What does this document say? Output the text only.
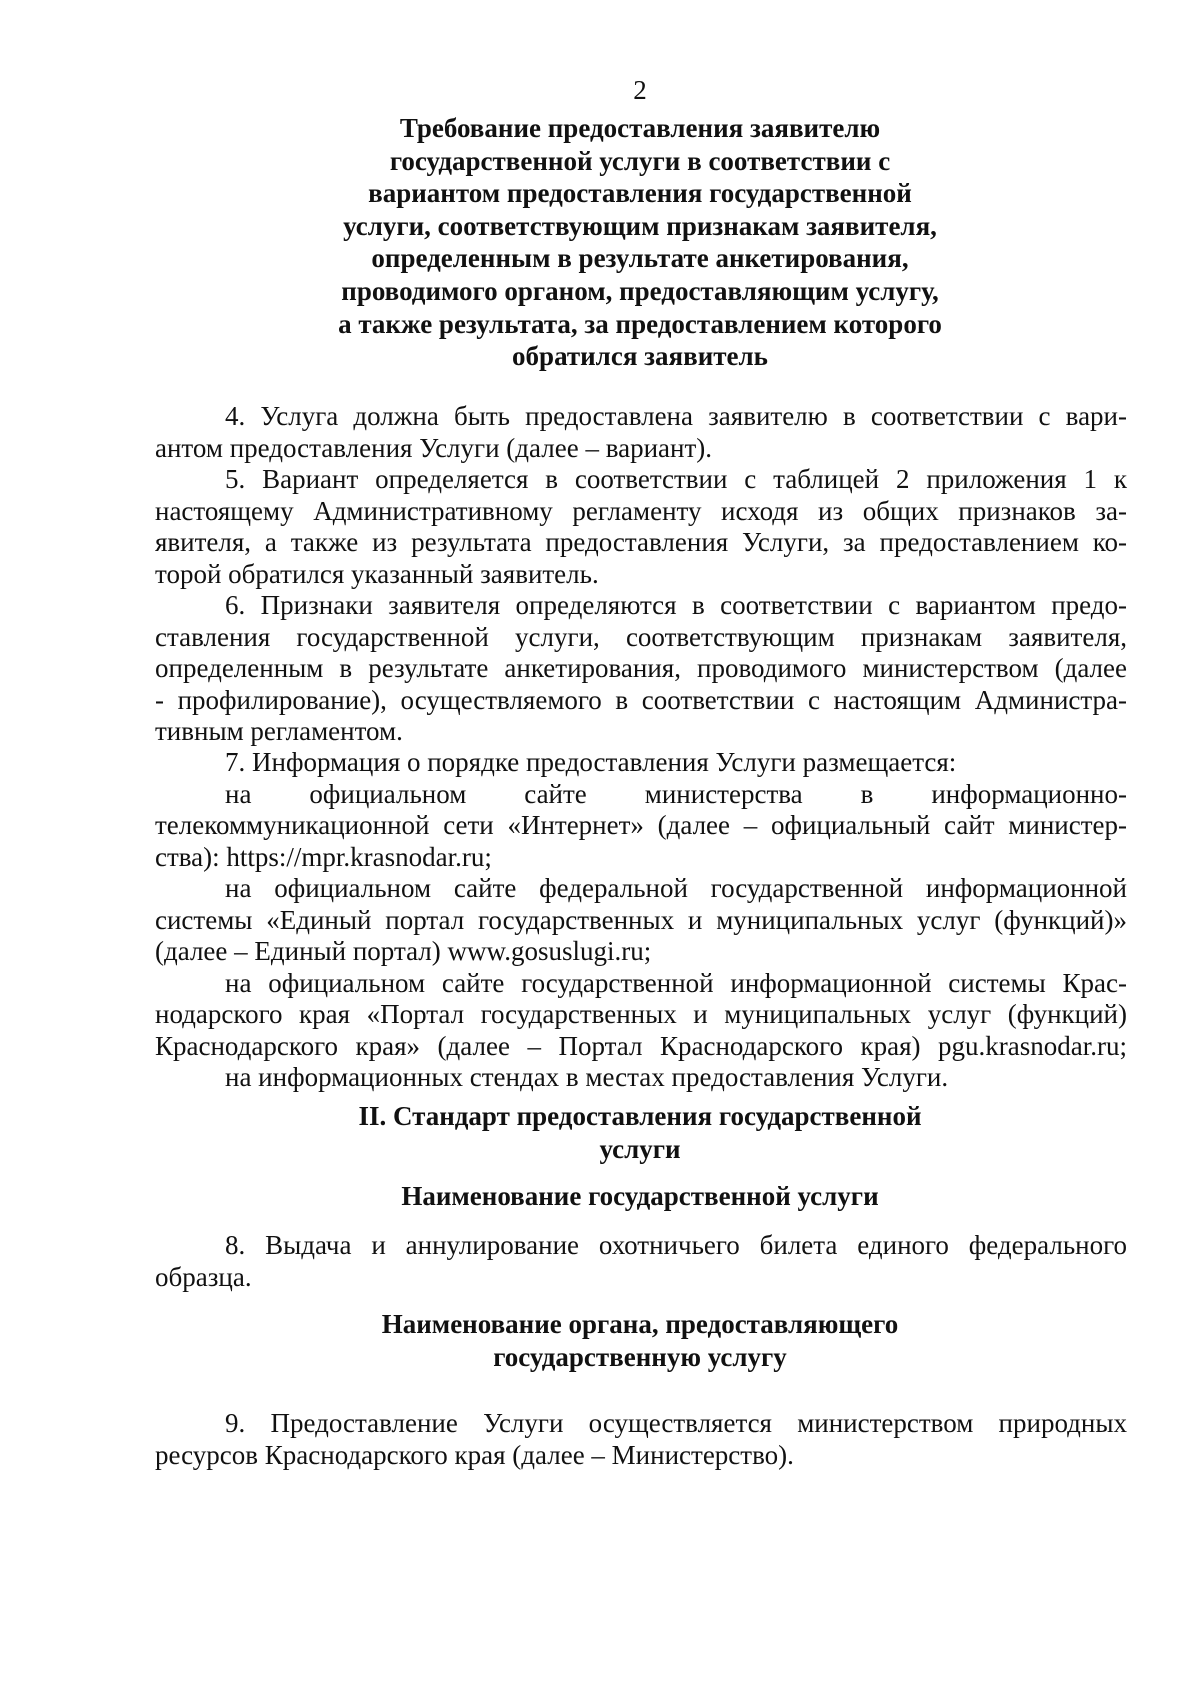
2
Требование предоставления заявителю
государственной услуги в соответствии с
вариантом предоставления государственной
услуги, соответствующим признакам заявителя,
определенным в результате анкетирования,
проводимого органом, предоставляющим услугу,
а также результата, за предоставлением которого
обратился заявитель
4. Услуга должна быть предоставлена заявителю в соответствии с вари-
антом предоставления Услуги (далее – вариант).
5. Вариант определяется в соответствии с таблицей 2 приложения 1 к
настоящему Административному регламенту исходя из общих признаков за-
явителя, а также из результата предоставления Услуги, за предоставлением ко-
торой обратился указанный заявитель.
6. Признаки заявителя определяются в соответствии с вариантом предо-
ставления государственной услуги, соответствующим признакам заявителя,
определенным в результате анкетирования, проводимого министерством (далее
- профилирование), осуществляемого в соответствии с настоящим Администра-
тивным регламентом.
7. Информация о порядке предоставления Услуги размещается:
на официальном сайте министерства в информационно-
телекоммуникационной сети «Интернет» (далее – официальный сайт министер-
ства): https://mpr.krasnodar.ru;
на официальном сайте федеральной государственной информационной
системы «Единый портал государственных и муниципальных услуг (функций)»
(далее – Единый портал) www.gosuslugi.ru;
на официальном сайте государственной информационной системы Крас-
нодарского края «Портал государственных и муниципальных услуг (функций)
Краснодарского края» (далее – Портал Краснодарского края) pgu.krasnodar.ru;
на информационных стендах в местах предоставления Услуги.
II. Стандарт предоставления государственной
услуги
Наименование государственной услуги
8. Выдача и аннулирование охотничьего билета единого федерального
образца.
Наименование органа, предоставляющего
государственную услугу
9. Предоставление Услуги осуществляется министерством природных
ресурсов Краснодарского края (далее – Министерство).
